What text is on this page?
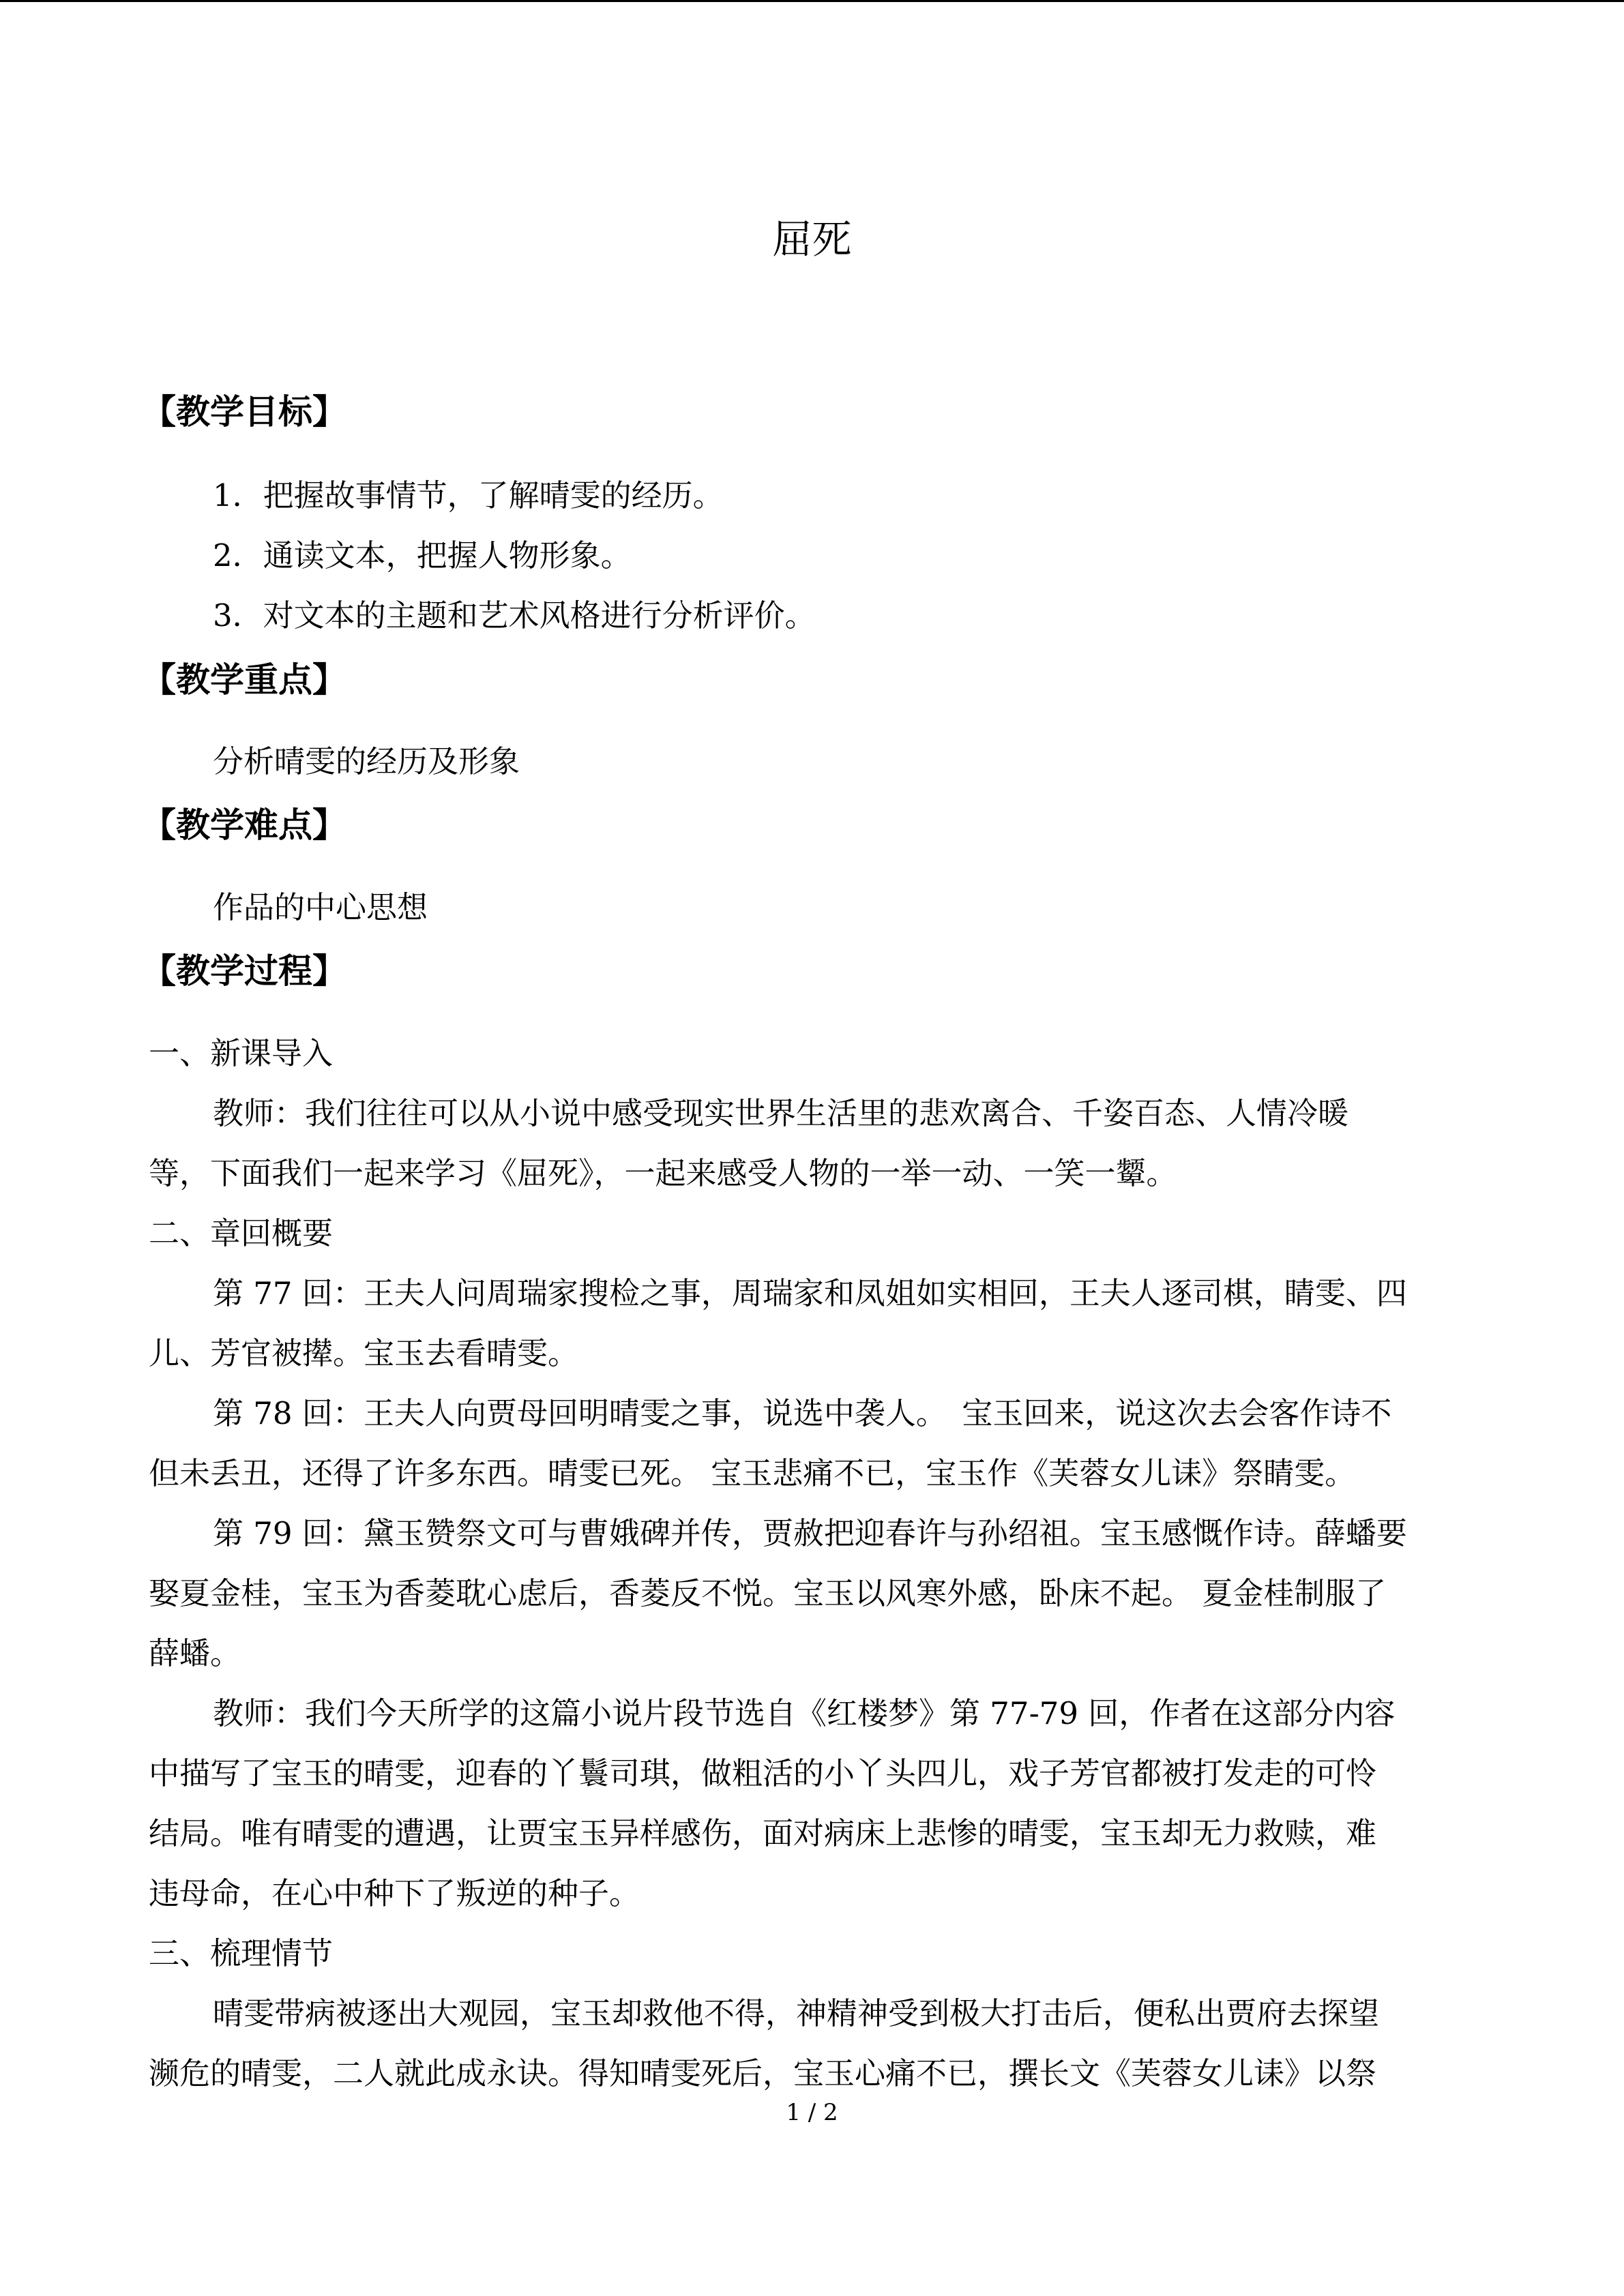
屈死
【教学目标】
1．把握故事情节，了解晴雯的经历。
2．通读文本，把握人物形象。
3．对文本的主题和艺术风格进行分析评价。
【教学重点】
分析晴雯的经历及形象
【教学难点】
作品的中心思想
【教学过程】
一、新课导入
教师：我们往往可以从小说中感受现实世界生活里的悲欢离合、千姿百态、人情冷暖
等，下面我们一起来学习《屈死》，一起来感受人物的一举一动、一笑一颦。
二、章回概要
第 77 回：王夫人问周瑞家搜检之事，周瑞家和凤姐如实相回，王夫人逐司棋，睛雯、四
儿、芳官被撵。宝玉去看晴雯。
第 78 回：王夫人向贾母回明晴雯之事，说选中袭人。　宝玉回来，说这次去会客作诗不
但未丢丑，还得了许多东西。晴雯已死。 宝玉悲痛不已，宝玉作《芙蓉女儿诔》祭睛雯。
第 79 回：黛玉赞祭文可与曹娥碑并传，贾赦把迎春许与孙绍祖。宝玉感慨作诗。薛蟠要
娶夏金桂，宝玉为香菱耽心虑后，香菱反不悦。宝玉以风寒外感，卧床不起。 夏金桂制服了
薛蟠。
教师：我们今天所学的这篇小说片段节选自《红楼梦》第 77-79 回，作者在这部分内容
中描写了宝玉的晴雯，迎春的丫鬟司琪，做粗活的小丫头四儿，戏子芳官都被打发走的可怜
结局。唯有晴雯的遭遇，让贾宝玉异样感伤，面对病床上悲惨的晴雯，宝玉却无力救赎，难
违母命，在心中种下了叛逆的种子。
三、梳理情节
晴雯带病被逐出大观园，宝玉却救他不得，神精神受到极大打击后，便私出贾府去探望
濒危的晴雯，二人就此成永诀。得知晴雯死后，宝玉心痛不已，撰长文《芙蓉女儿诔》以祭
1 / 2
